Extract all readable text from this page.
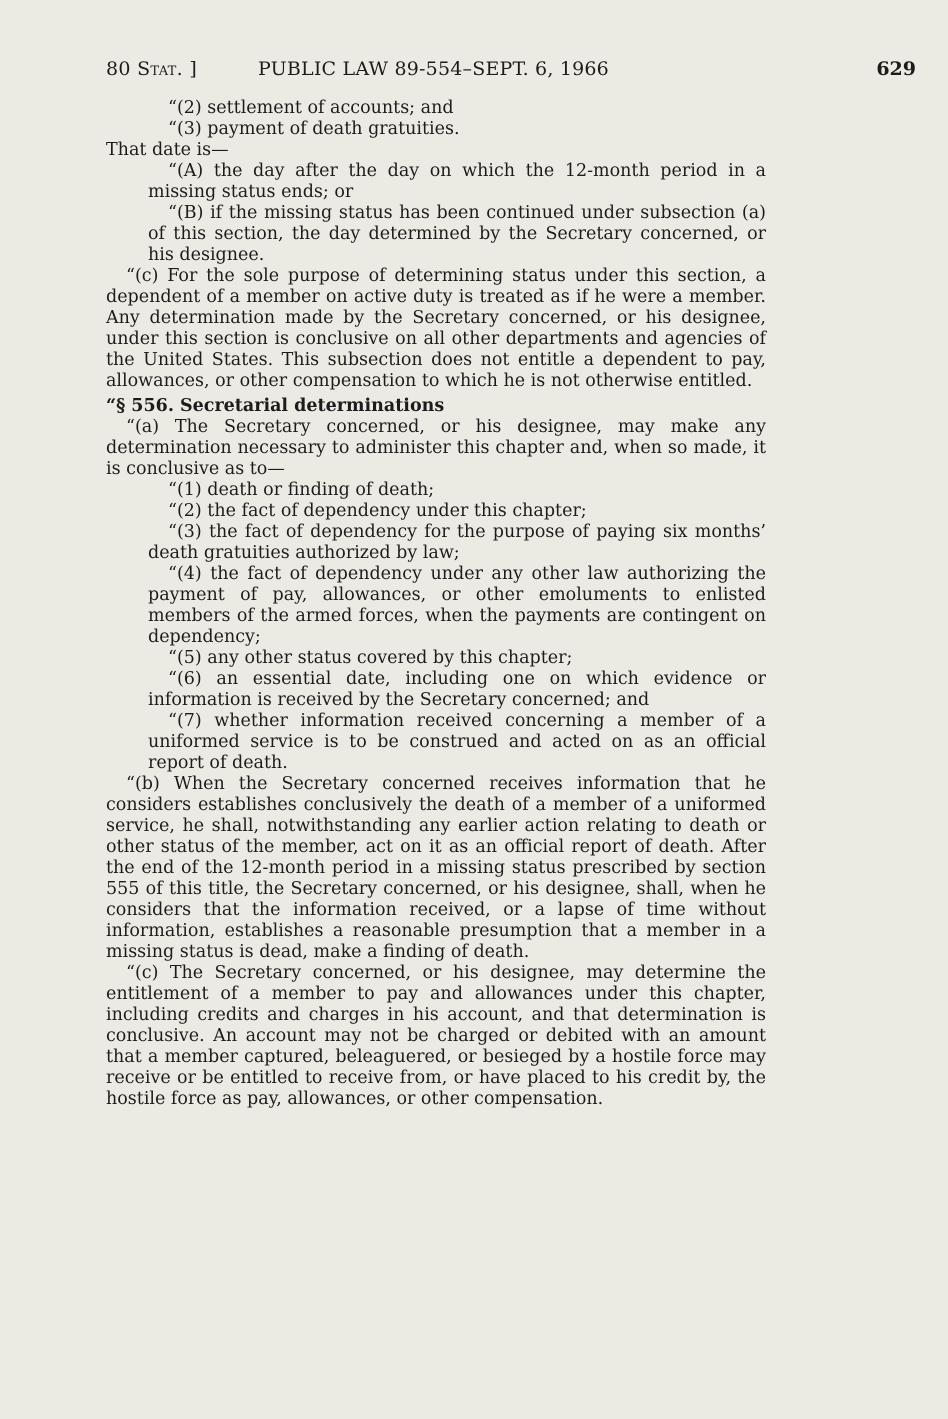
80 Stat. ]	PUBLIC LAW 89-554–SEPT. 6, 1966	629

“(2) settlement of accounts; and

“(3) payment of death gratuities.

That date is—

“(A) the day after the day on which the 12-month period in a missing status ends; or

“(B) if the missing status has been continued under subsection (a) of this section, the day determined by the Secretary concerned, or his designee.

“(c) For the sole purpose of determining status under this section, a dependent of a member on active duty is treated as if he were a member. Any determination made by the Secretary concerned, or his designee, under this section is conclusive on all other departments and agencies of the United States. This subsection does not entitle a dependent to pay, allowances, or other compensation to which he is not otherwise entitled.

“§ 556. Secretarial determinations

“(a) The Secretary concerned, or his designee, may make any determination necessary to administer this chapter and, when so made, it is conclusive as to—

“(1) death or finding of death;

“(2) the fact of dependency under this chapter;

“(3) the fact of dependency for the purpose of paying six months’ death gratuities authorized by law;

“(4) the fact of dependency under any other law authorizing the payment of pay, allowances, or other emoluments to enlisted members of the armed forces, when the payments are contingent on dependency;

“(5) any other status covered by this chapter;

“(6) an essential date, including one on which evidence or information is received by the Secretary concerned; and

“(7) whether information received concerning a member of a uniformed service is to be construed and acted on as an official report of death.

“(b) When the Secretary concerned receives information that he considers establishes conclusively the death of a member of a uniformed service, he shall, notwithstanding any earlier action relating to death or other status of the member, act on it as an official report of death. After the end of the 12-month period in a missing status prescribed by section 555 of this title, the Secretary concerned, or his designee, shall, when he considers that the information received, or a lapse of time without information, establishes a reasonable presumption that a member in a missing status is dead, make a finding of death.

“(c) The Secretary concerned, or his designee, may determine the entitlement of a member to pay and allowances under this chapter, including credits and charges in his account, and that determination is conclusive. An account may not be charged or debited with an amount that a member captured, beleaguered, or besieged by a hostile force may receive or be entitled to receive from, or have placed to his credit by, the hostile force as pay, allowances, or other compensation.
